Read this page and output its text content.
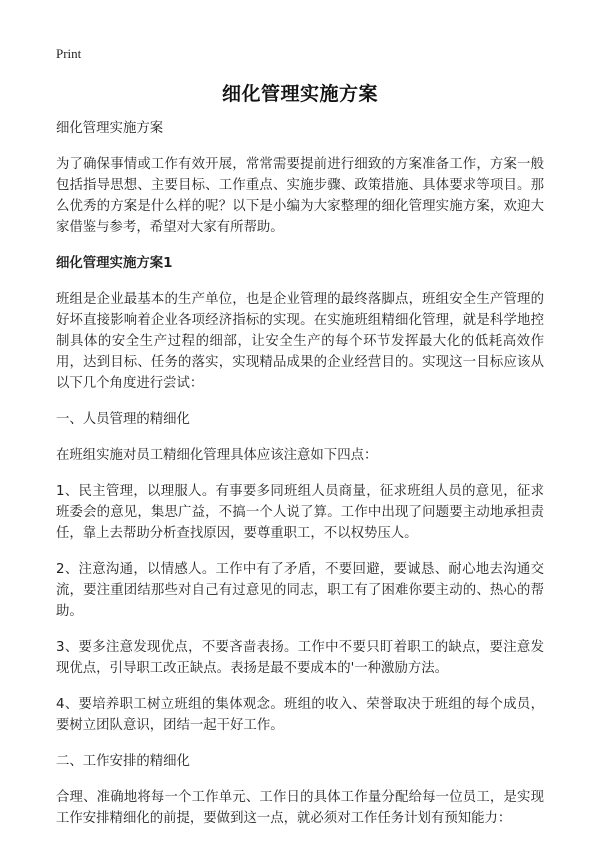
Print
细化管理实施方案

细化管理实施方案

为了确保事情或工作有效开展，常常需要提前进行细致的方案准备工作，方案一般包括指导思想、主要目标、工作重点、实施步骤、政策措施、具体要求等项目。那么优秀的方案是什么样的呢？以下是小编为大家整理的细化管理实施方案，欢迎大家借鉴与参考，希望对大家有所帮助。

细化管理实施方案1

班组是企业最基本的生产单位，也是企业管理的最终落脚点，班组安全生产管理的好坏直接影响着企业各项经济指标的实现。在实施班组精细化管理，就是科学地控制具体的安全生产过程的细部，让安全生产的每个环节发挥最大化的低耗高效作用，达到目标、任务的落实，实现精品成果的企业经营目的。实现这一目标应该从以下几个角度进行尝试：

一、人员管理的精细化

在班组实施对员工精细化管理具体应该注意如下四点：

1、民主管理，以理服人。有事要多同班组人员商量，征求班组人员的意见，征求班委会的意见，集思广益，不搞一个人说了算。工作中出现了问题要主动地承担责任，靠上去帮助分析查找原因，要尊重职工，不以权势压人。

2、注意沟通，以情感人。工作中有了矛盾，不要回避，要诚恳、耐心地去沟通交流，要注重团结那些对自己有过意见的同志，职工有了困难你要主动的、热心的帮助。

3、要多注意发现优点，不要吝啬表扬。工作中不要只盯着职工的缺点，要注意发现优点，引导职工改正缺点。表扬是最不要成本的'一种激励方法。

4、要培养职工树立班组的集体观念。班组的收入、荣誉取决于班组的每个成员，要树立团队意识，团结一起干好工作。

二、工作安排的精细化

合理、准确地将每一个工作单元、工作日的具体工作量分配给每一位员工，是实现工作安排精细化的前提，要做到这一点，就必须对工作任务计划有预知能力：
